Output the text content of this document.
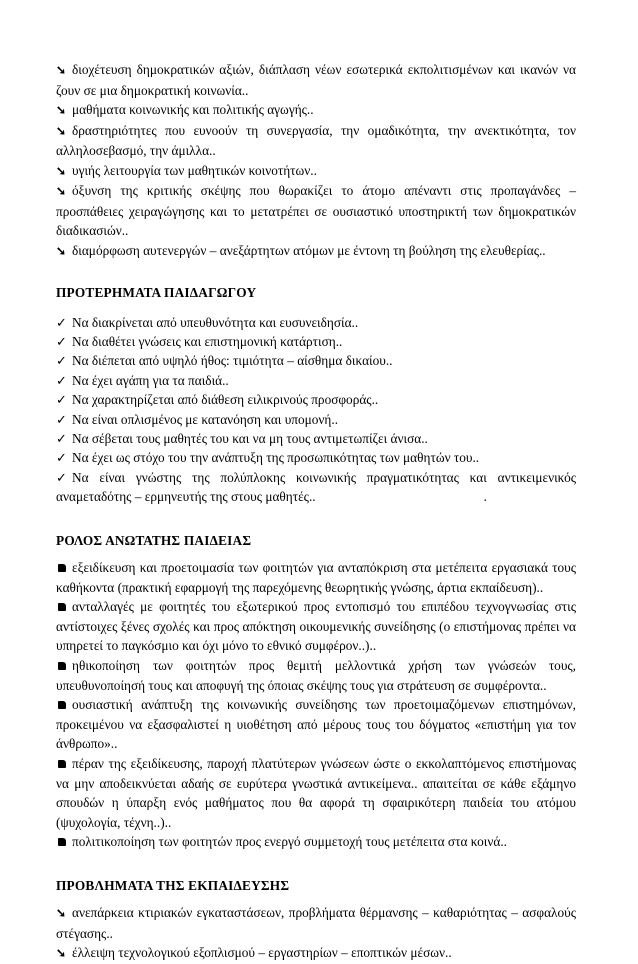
➘ διοχέτευση δημοκρατικών αξιών, διάπλαση νέων εσωτερικά εκπολιτισμένων και ικανών να ζουν σε μια δημοκρατική κοινωνία..

➘ μαθήματα κοινωνικής και πολιτικής αγωγής..

➘ δραστηριότητες που ευνοούν τη συνεργασία, την ομαδικότητα, την ανεκτικότητα, τον αλληλοσεβασμό, την άμιλλα..

➘ υγιής λειτουργία των μαθητικών κοινοτήτων..

➘ όξυνση της κριτικής σκέψης που θωρακίζει το άτομο απέναντι στις προπαγάνδες – προσπάθειες χειραγώγησης και το μετατρέπει σε ουσιαστικό υποστηρικτή των δημοκρατικών διαδικασιών..

➘ διαμόρφωση αυτενεργών – ανεξάρτητων ατόμων με έντονη τη βούληση της ελευθερίας..

ΠΡΟΤΕΡΗΜΑΤΑ ΠΑΙΔΑΓΩΓΟΥ

✓ Να διακρίνεται από υπευθυνότητα και ευσυνειδησία..

✓ Να διαθέτει γνώσεις και επιστημονική κατάρτιση..

✓ Να διέπεται από υψηλό ήθος: τιμιότητα – αίσθημα δικαίου..

✓ Να έχει αγάπη για τα παιδιά..

✓ Να χαρακτηρίζεται από διάθεση ειλικρινούς προσφοράς..

✓ Να είναι οπλισμένος με κατανόηση και υπομονή..

✓ Να σέβεται τους μαθητές του και να μη τους αντιμετωπίζει άνισα..

✓ Να έχει ως στόχο του την ανάπτυξη της προσωπικότητας των μαθητών του..

✓ Να είναι γνώστης της πολύπλοκης κοινωνικής πραγματικότητας και αντικειμενικός αναμεταδότης – ερμηνευτής της στους μαθητές..	.

ΡΟΛΟΣ ΑΝΩΤΑΤΗΣ ΠΑΙΔΕΙΑΣ

εξειδίκευση και προετοιμασία των φοιτητών για ανταπόκριση στα μετέπειτα εργασιακά τους καθήκοντα (πρακτική εφαρμογή της παρεχόμενης θεωρητικής γνώσης, άρτια εκπαίδευση)..

ανταλλαγές με φοιτητές του εξωτερικού προς εντοπισμό του επιπέδου τεχνογνωσίας στις αντίστοιχες ξένες σχολές και προς απόκτηση οικουμενικής συνείδησης (ο επιστήμονας πρέπει να υπηρετεί το παγκόσμιο και όχι μόνο το εθνικό συμφέρον..)..

ηθικοποίηση των φοιτητών προς θεμιτή μελλοντικά χρήση των γνώσεών τους, υπευθυνοποίησή τους και αποφυγή της όποιας σκέψης τους για στράτευση σε συμφέροντα..

ουσιαστική ανάπτυξη της κοινωνικής συνείδησης των προετοιμαζόμενων επιστημόνων, προκειμένου να εξασφαλιστεί η υιοθέτηση από μέρους τους του δόγματος «επιστήμη για τον άνθρωπο»..

πέραν της εξειδίκευσης, παροχή πλατύτερων γνώσεων ώστε ο εκκολαπτόμενος επιστήμονας να μην αποδεικνύεται αδαής σε ευρύτερα γνωστικά αντικείμενα.. απαιτείται σε κάθε εξάμηνο σπουδών η ύπαρξη ενός μαθήματος που θα αφορά τη σφαιρικότερη παιδεία του ατόμου (ψυχολογία, τέχνη..)..

πολιτικοποίηση των φοιτητών προς ενεργό συμμετοχή τους μετέπειτα στα κοινά..

ΠΡΟΒΛΗΜΑΤΑ ΤΗΣ ΕΚΠΑΙΔΕΥΣΗΣ

➘ ανεπάρκεια κτιριακών εγκαταστάσεων, προβλήματα θέρμανσης – καθαριότητας – ασφαλούς στέγασης..

➘ έλλειψη τεχνολογικού εξοπλισμού – εργαστηρίων – εποπτικών μέσων..
